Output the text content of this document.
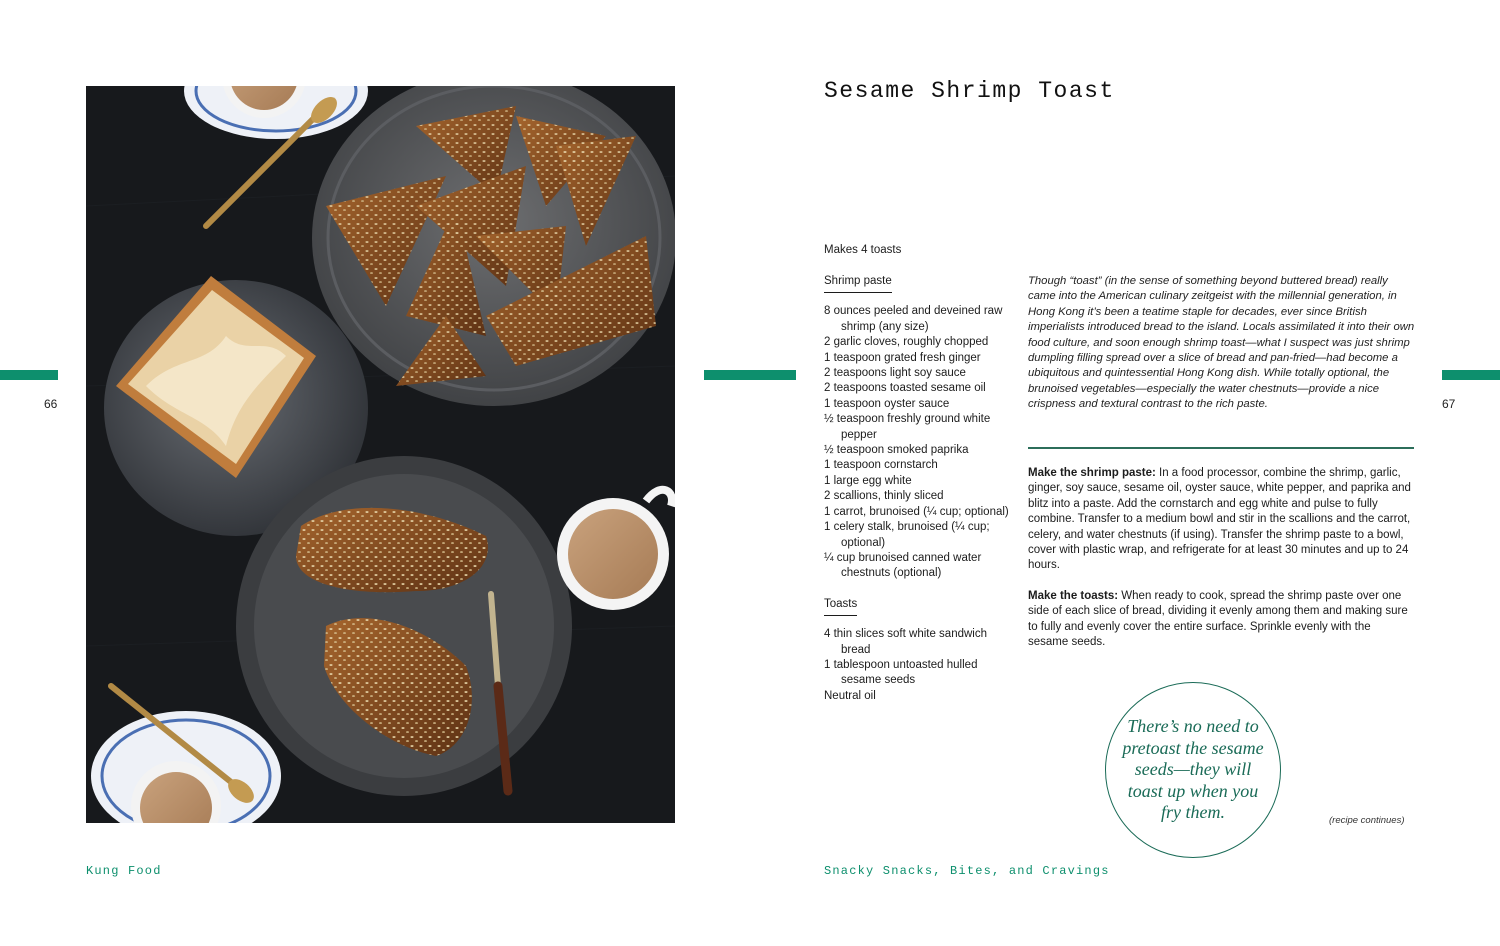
66	67
Kung Food	Snacky Snacks, Bites, and Cravings
Sesame Shrimp Toast
Makes 4 toasts
Shrimp paste
8 ounces peeled and deveined raw shrimp (any size)
2 garlic cloves, roughly chopped
1 teaspoon grated fresh ginger
2 teaspoons light soy sauce
2 teaspoons toasted sesame oil
1 teaspoon oyster sauce
½ teaspoon freshly ground white pepper
½ teaspoon smoked paprika
1 teaspoon cornstarch
1 large egg white
2 scallions, thinly sliced
1 carrot, brunoised (¼ cup; optional)
1 celery stalk, brunoised (¼ cup; optional)
¼ cup brunoised canned water chestnuts (optional)
Toasts
4 thin slices soft white sandwich bread
1 tablespoon untoasted hulled sesame seeds
Neutral oil

Though “toast” (in the sense of something beyond buttered bread) really came into the American culinary zeitgeist with the millennial generation, in Hong Kong it’s been a teatime staple for decades, ever since British imperialists introduced bread to the island. Locals assimilated it into their own food culture, and soon enough shrimp toast—what I suspect was just shrimp dumpling filling spread over a slice of bread and pan-fried—had become a ubiquitous and quintessential Hong Kong dish. While totally optional, the brunoised vegetables—especially the water chestnuts—provide a nice crispness and textural contrast to the rich paste.

Make the shrimp paste: In a food processor, combine the shrimp, garlic, ginger, soy sauce, sesame oil, oyster sauce, white pepper, and paprika and blitz into a paste. Add the cornstarch and egg white and pulse to fully combine. Transfer to a medium bowl and stir in the scallions and the carrot, celery, and water chestnuts (if using). Transfer the shrimp paste to a bowl, cover with plastic wrap, and refrigerate for at least 30 minutes and up to 24 hours.

Make the toasts: When ready to cook, spread the shrimp paste over one side of each slice of bread, dividing it evenly among them and making sure to fully and evenly cover the entire surface. Sprinkle evenly with the sesame seeds.

There’s no need to pretoast the sesame seeds—they will toast up when you fry them.	(recipe continues)
